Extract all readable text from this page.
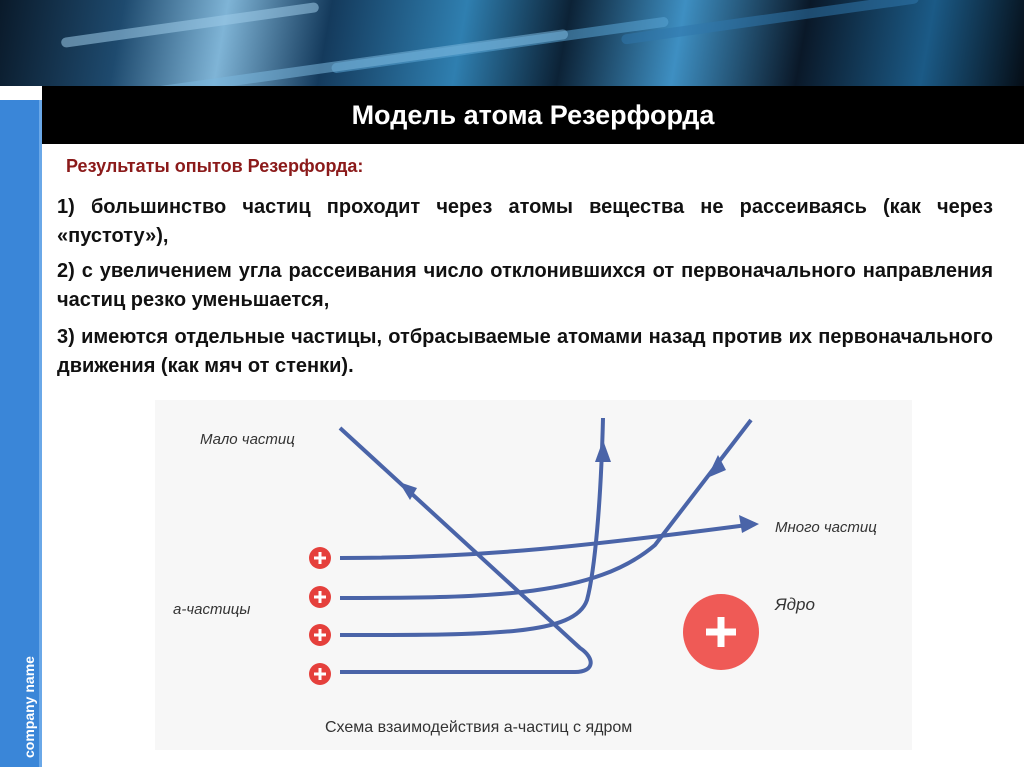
company name
Модель атома Резерфорда
Результаты опытов Резерфорда:
1) большинство частиц проходит через атомы вещества не рассеиваясь (как через «пустоту»),
2) с увеличением угла рассеивания число отклонившихся от первоначального направления частиц резко уменьшается,
3) имеются отдельные частицы, отбрасываемые атомами назад против их первоначального движения (как мяч от стенки).
Мало частиц
Много частиц
а-частицы	Ядро
Схема взаимодействия а-частиц с ядром
